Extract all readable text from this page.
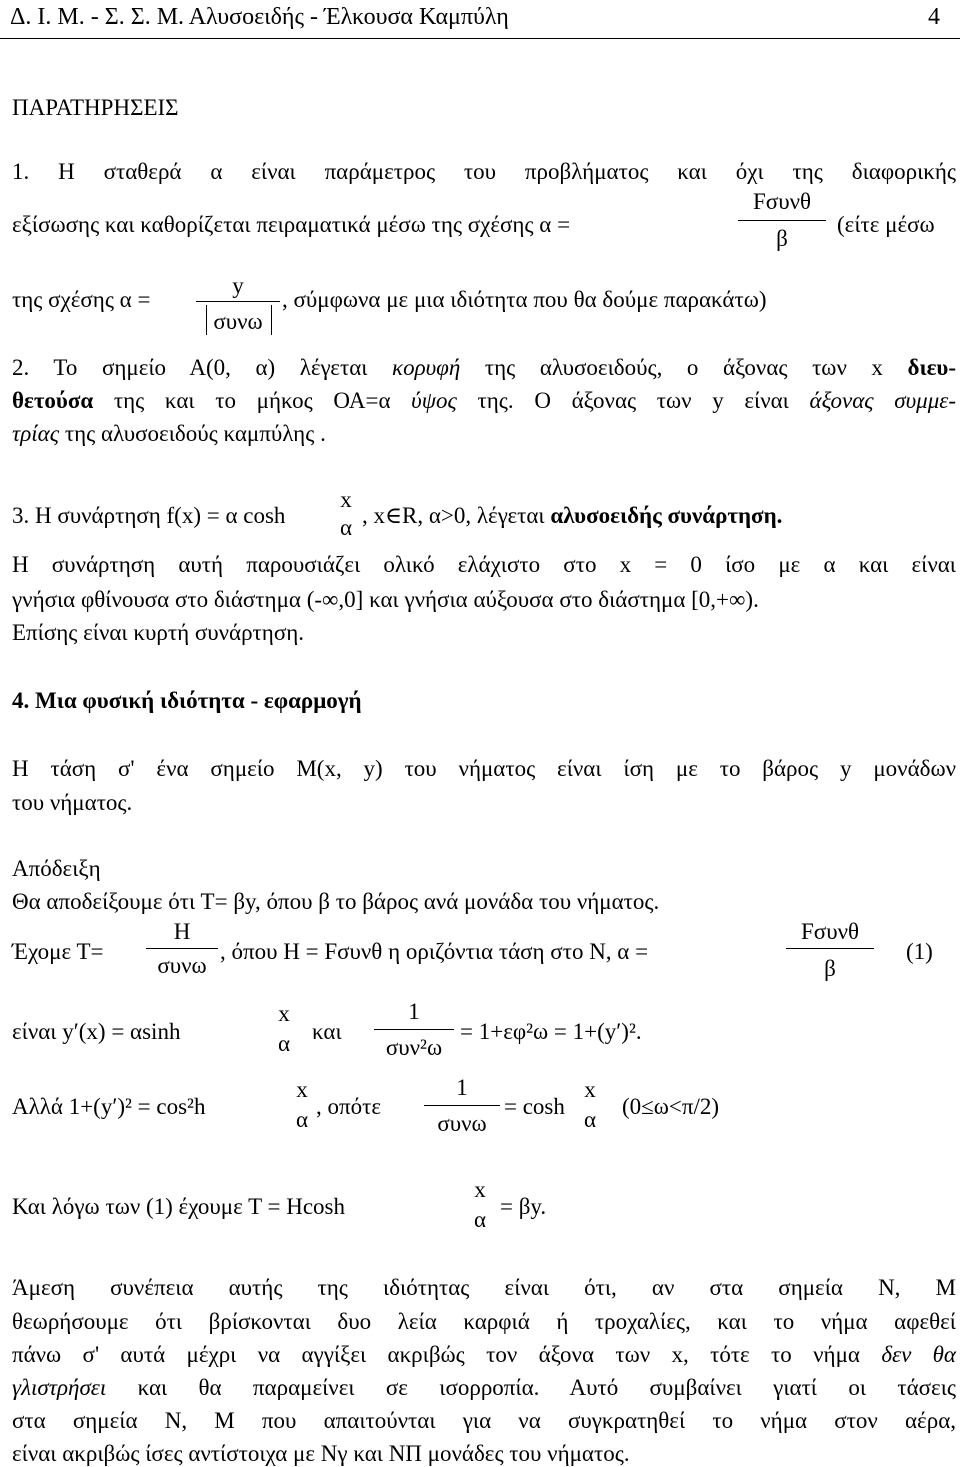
Δ. Ι. Μ. - Σ. Σ. Μ. Αλυσοειδής - Έλκουσα Καμπύλη	4
ΠΑΡΑΤΗΡΗΣΕΙΣ
1. Η σταθερά α είναι παράμετρος του προβλήματος και όχι της διαφορικής
εξίσωσης και καθορίζεται πειραματικά μέσω της σχέσης α =
Fσυνθ
β
(είτε μέσω
της σχέσης α =
y
συνω
, σύμφωνα με μια ιδιότητα που θα δούμε παρακάτω)
2. Το σημείο Α(0, α) λέγεται κορυφή της αλυσοειδούς, ο άξονας των x διευ-
θετούσα της και το μήκος ΟΑ=α ύψος της. Ο άξονας των y είναι άξονας συμμε-
τρίας της αλυσοειδούς καμπύλης .
3. Η συνάρτηση f(x) = α cosh
x
α , x∈R, α>0, λέγεται αλυσοειδής συνάρτηση.
Η συνάρτηση αυτή παρουσιάζει ολικό ελάχιστο στο x = 0 ίσο με α και είναι
γνήσια φθίνουσα στο διάστημα (-∞,0] και γνήσια αύξουσα στο διάστημα [0,+∞).
Επίσης είναι κυρτή συνάρτηση.
4. Μια φυσική ιδιότητα - εφαρμογή
Η τάση σ' ένα σημείο Μ(x, y) του νήματος είναι ίση με το βάρος y μονάδων
του νήματος.
Απόδειξη
Θα αποδείξουμε ότι Τ= βy, όπου β το βάρος ανά μονάδα του νήματος.
Έχομε Τ=
Η
συνω
, όπου Η = Fσυνθ η οριζόντια τάση στο Ν, α =
Fσυνθ
β
(1)
είναι y′(x) = αsinh
x
α και
1
συν²ω
= 1+εφ²ω = 1+(y′)².
Αλλά 1+(y′)² = cos²h
x
α
, οπότε
1
συνω
= cosh
x
α
(0≤ω<π/2)
Και λόγω των (1) έχουμε Τ = Ηcosh
x
α
= βy.
Άμεση συνέπεια αυτής της ιδιότητας είναι ότι, αν στα σημεία Ν, Μ
θεωρήσουμε ότι βρίσκονται δυο λεία καρφιά ή τροχαλίες, και το νήμα αφεθεί
πάνω σ' αυτά μέχρι να αγγίξει ακριβώς τον άξονα των x, τότε το νήμα δεν θα
γλιστρήσει και θα παραμείνει σε ισορροπία. Αυτό συμβαίνει γιατί οι τάσεις
στα σημεία Ν, Μ που απαιτούνται για να συγκρατηθεί το νήμα στον αέρα,
είναι ακριβώς ίσες αντίστοιχα με Νγ και ΝΠ μονάδες του νήματος.
